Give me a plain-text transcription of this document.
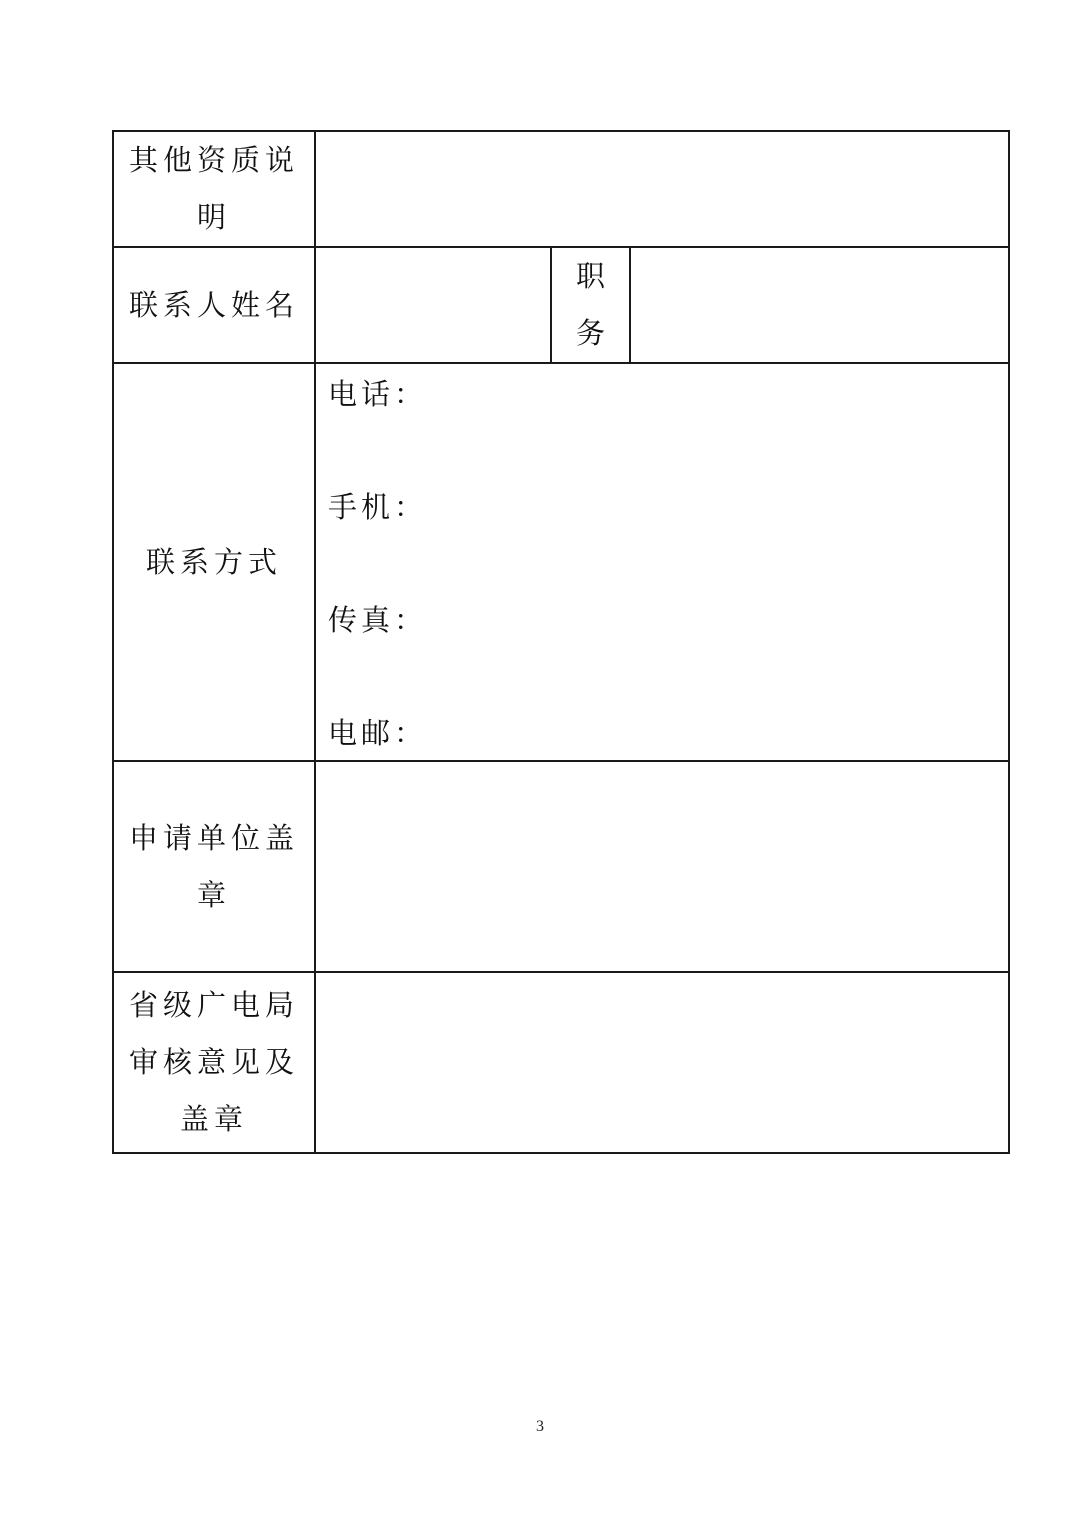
其他资质说明			
联系人姓名		职务	
联系方式	电话：
手机：
传真：
电邮：		

申请单位盖章			
省级广电局审核意见及盖章			
3
